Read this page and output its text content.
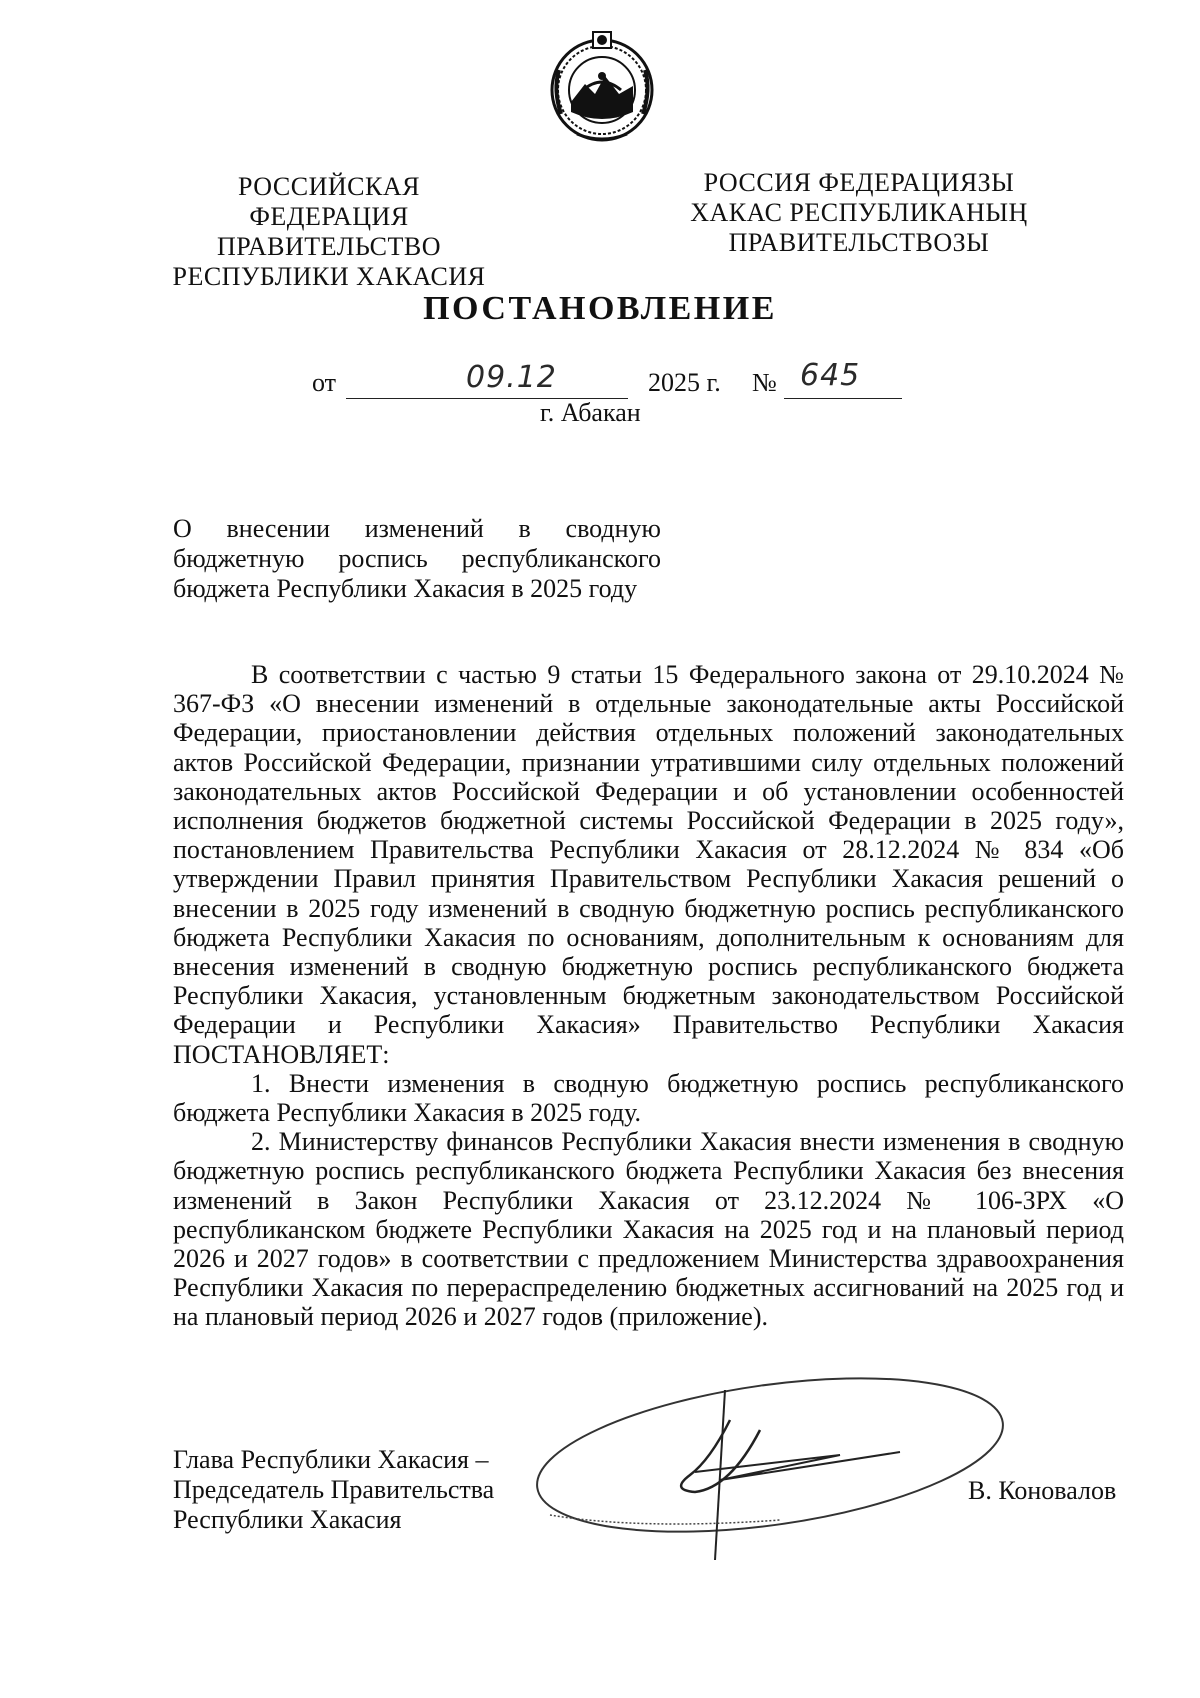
РОССИЙСКАЯ ФЕДЕРАЦИЯ
ПРАВИТЕЛЬСТВО
РЕСПУБЛИКИ ХАКАСИЯ
РОССИЯ ФЕДЕРАЦИЯЗЫ
ХАКАС РЕСПУБЛИКАНЫҢ
ПРАВИТЕЛЬСТВОЗЫ
ПОСТАНОВЛЕНИЕ
от	09.12	2025 г. № 645
г. Абакан
О внесении изменений в сводную
бюджетную роспись республиканского
бюджета Республики Хакасия в 2025 году

В соответствии с частью 9 статьи 15 Федерального закона от 29.10.2024 № 367-ФЗ «О внесении изменений в отдельные законодательные акты Российской Федерации, приостановлении действия отдельных положений законодательных актов Российской Федерации, признании утратившими силу отдельных положений законодательных актов Российской Федерации и об установлении особенностей исполнения бюджетов бюджетной системы Российской Федерации в 2025 году», постановлением Правительства Республики Хакасия от 28.12.2024 № 834 «Об утверждении Правил принятия Правительством Республики Хакасия решений о внесении в 2025 году изменений в сводную бюджетную роспись республиканского бюджета Республики Хакасия по основаниям, дополнительным к основаниям для внесения изменений в сводную бюджетную роспись республиканского бюджета Республики Хакасия, установленным бюджетным законодательством Российской Федерации и Республики Хакасия» Правительство Республики Хакасия ПОСТАНОВЛЯЕТ:

1. Внести изменения в сводную бюджетную роспись республиканского бюджета Республики Хакасия в 2025 году.

2. Министерству финансов Республики Хакасия внести изменения в сводную бюджетную роспись республиканского бюджета Республики Хакасия без внесения изменений в Закон Республики Хакасия от 23.12.2024 № 106-ЗРХ «О республиканском бюджете Республики Хакасия на 2025 год и на плановый период 2026 и 2027 годов» в соответствии с предложением Министерства здравоохранения Республики Хакасия по перераспределению бюджетных ассигнований на 2025 год и на плановый период 2026 и 2027 годов (приложение).

Глава Республики Хакасия –
Председатель Правительства
Республики Хакасия
В. Коновалов
